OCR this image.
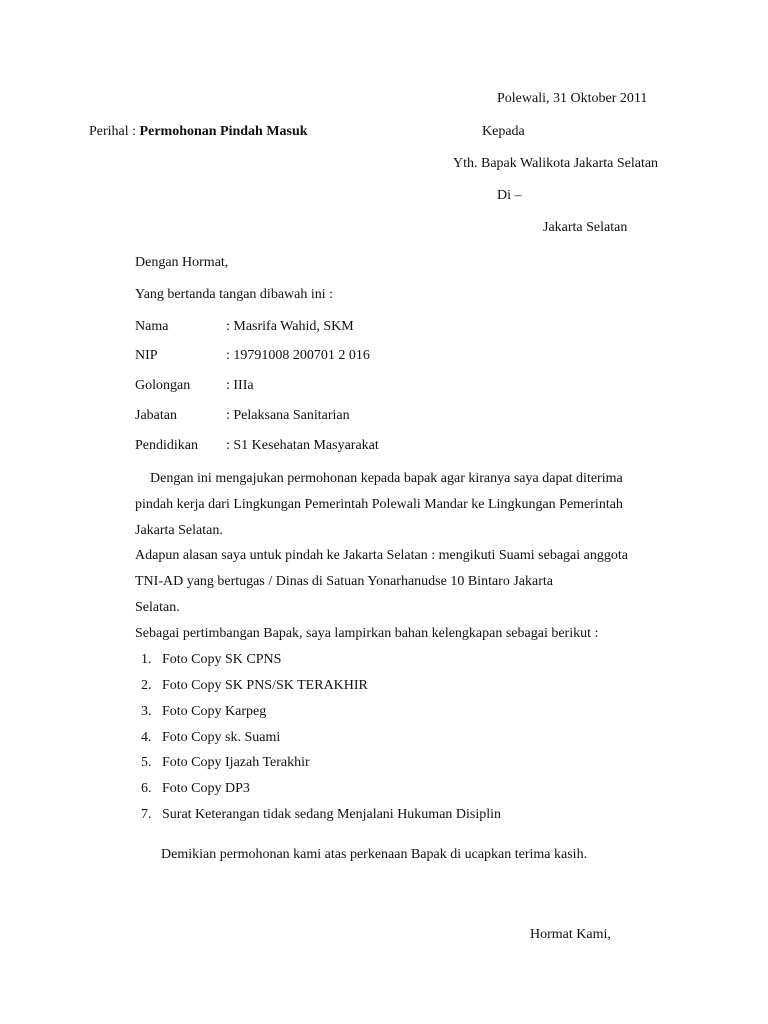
Polewali, 31 Oktober 2011
Perihal : Permohonan Pindah Masuk	Kepada
Yth. Bapak Walikota Jakarta Selatan
Di –
Jakarta Selatan
Dengan Hormat,
Yang bertanda tangan dibawah ini :
Nama	: Masrifa Wahid, SKM
NIP	: 19791008 200701 2 016
Golongan	: IIIa
Jabatan	: Pelaksana Sanitarian
Pendidikan : S1 Kesehatan Masyarakat
Dengan ini mengajukan permohonan kepada bapak agar kiranya saya dapat diterima
pindah kerja dari Lingkungan Pemerintah Polewali Mandar ke Lingkungan Pemerintah
Jakarta Selatan.
Adapun alasan saya untuk pindah ke Jakarta Selatan : mengikuti Suami sebagai anggota
TNI-AD yang bertugas / Dinas di Satuan Yonarhanudse 10 Bintaro Jakarta
Selatan.
Sebagai pertimbangan Bapak, saya lampirkan bahan kelengkapan sebagai berikut :
1. Foto Copy SK CPNS
2. Foto Copy SK PNS/SK TERAKHIR
3. Foto Copy Karpeg
4. Foto Copy sk. Suami
5. Foto Copy Ijazah Terakhir
6. Foto Copy DP3
7. Surat Keterangan tidak sedang Menjalani Hukuman Disiplin
Demikian permohonan kami atas perkenaan Bapak di ucapkan terima kasih.
Hormat Kami,
